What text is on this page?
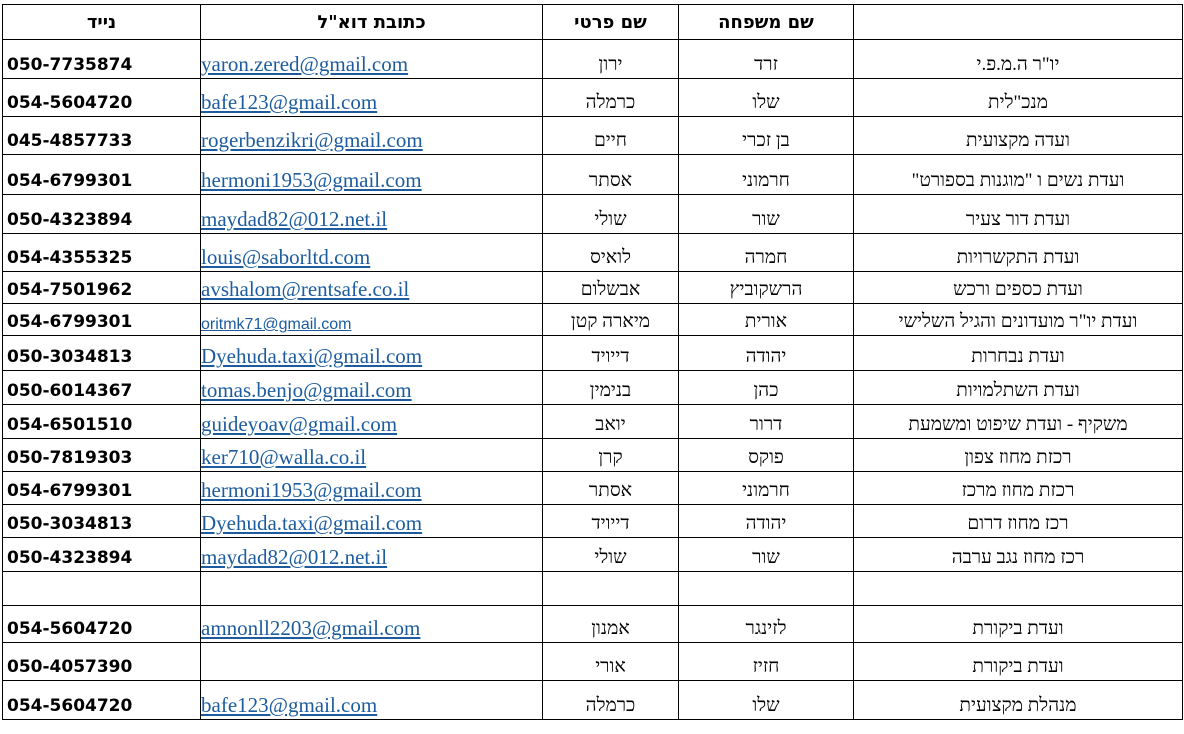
נייד	כתובת דוא"ל	שם פרטי	שם משפחה	
050-7735874	yaron.zered@gmail.com	ירון	זרד	יו"ר ה.מ.פ.י
054-5604720	bafe123@gmail.com	כרמלה	שלו	מנכ"לית
045-4857733	rogerbenzikri@gmail.com	חיים	בן זכרי	ועדה מקצועית
054-6799301	hermoni1953@gmail.com	אסתר	חרמוני	ועדת נשים ו "מוגנות בספורט"
050-4323894	maydad82@012.net.il	שולי	שור	ועדת דור צעיר
054-4355325	louis@saborltd.com	לואיס	חמרה	ועדת התקשרויות
054-7501962	avshalom@rentsafe.co.il	אבשלום	הרשקוביץ	ועדת כספים ורכש
054-6799301	oritmk71@gmail.com	מיארה קטן	אורית	ועדת יו"ר מועדונים והגיל השלישי
050-3034813	Dyehuda.taxi@gmail.com	דייויד	יהודה	ועדת נבחרות
050-6014367	tomas.benjo@gmail.com	בנימין	כהן	ועדת השתלמויות
054-6501510	guideyoav@gmail.com	יואב	דרור	משקיף - ועדת שיפוט ומשמעת
050-7819303	ker710@walla.co.il	קרן	פוקס	רכזת מחוז צפון
054-6799301	hermoni1953@gmail.com	אסתר	חרמוני	רכזת מחוז מרכז
050-3034813	Dyehuda.taxi@gmail.com	דייויד	יהודה	רכז מחוז דרום
050-4323894	maydad82@012.net.il	שולי	שור	רכז מחוז נגב ערבה

054-5604720	amnonll2203@gmail.com	אמנון	לזינגר	ועדת ביקורת
050-4057390		אורי	חזיז	ועדת ביקורת
054-5604720	bafe123@gmail.com	כרמלה	שלו	מנהלת מקצועית
